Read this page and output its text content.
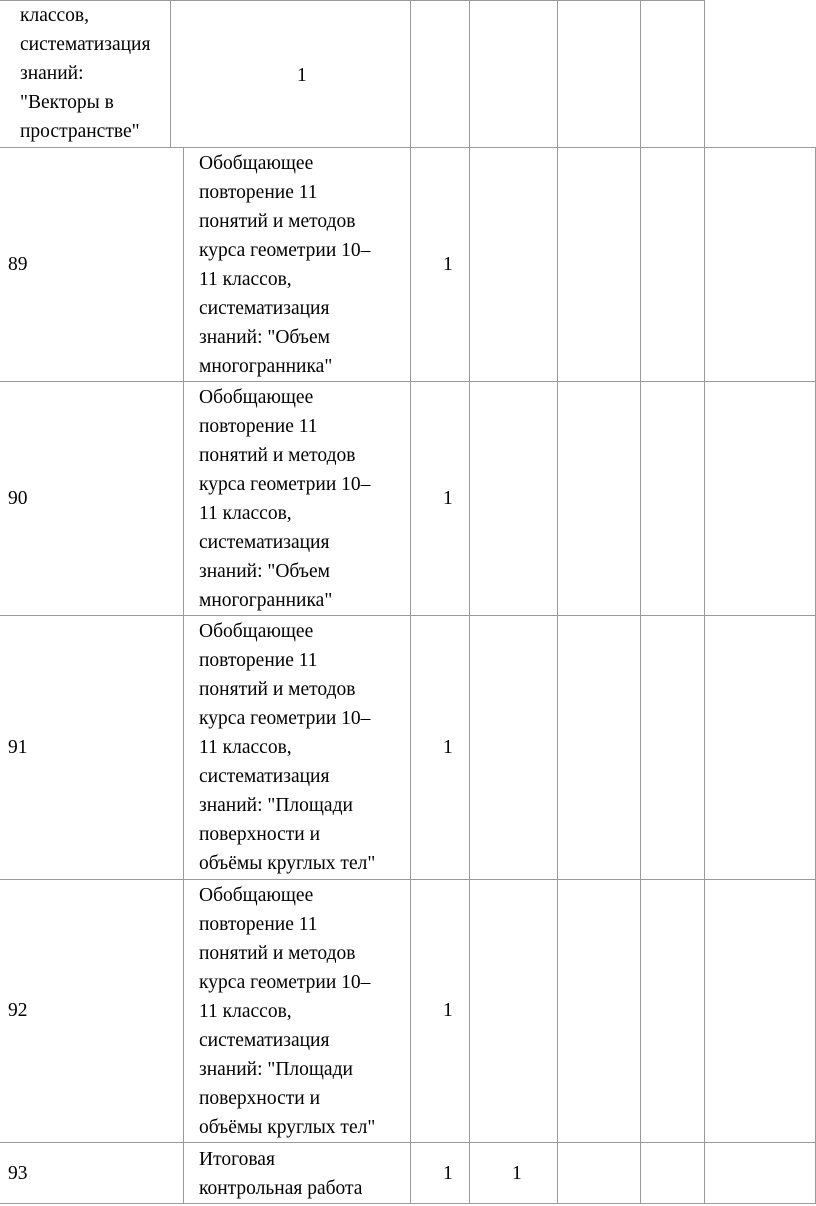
классов,
систематизация
знаний:
"Векторы в
пространстве"
1
89
Обобщающее
повторение 11
понятий и методов
курса геометрии 10–
11 классов,
систематизация
знаний: "Объем
многогранника"
1
90
Обобщающее
повторение 11
понятий и методов
курса геометрии 10–
11 классов,
систематизация
знаний: "Объем
многогранника"
1
91
Обобщающее
повторение 11
понятий и методов
курса геометрии 10–
11 классов,
систематизация
знаний: "Площади
поверхности и
объёмы круглых тел"
1
92
Обобщающее
повторение 11
понятий и методов
курса геометрии 10–
11 классов,
систематизация
знаний: "Площади
поверхности и
объёмы круглых тел"
1
93
Итоговая
контрольная работа
1	1
